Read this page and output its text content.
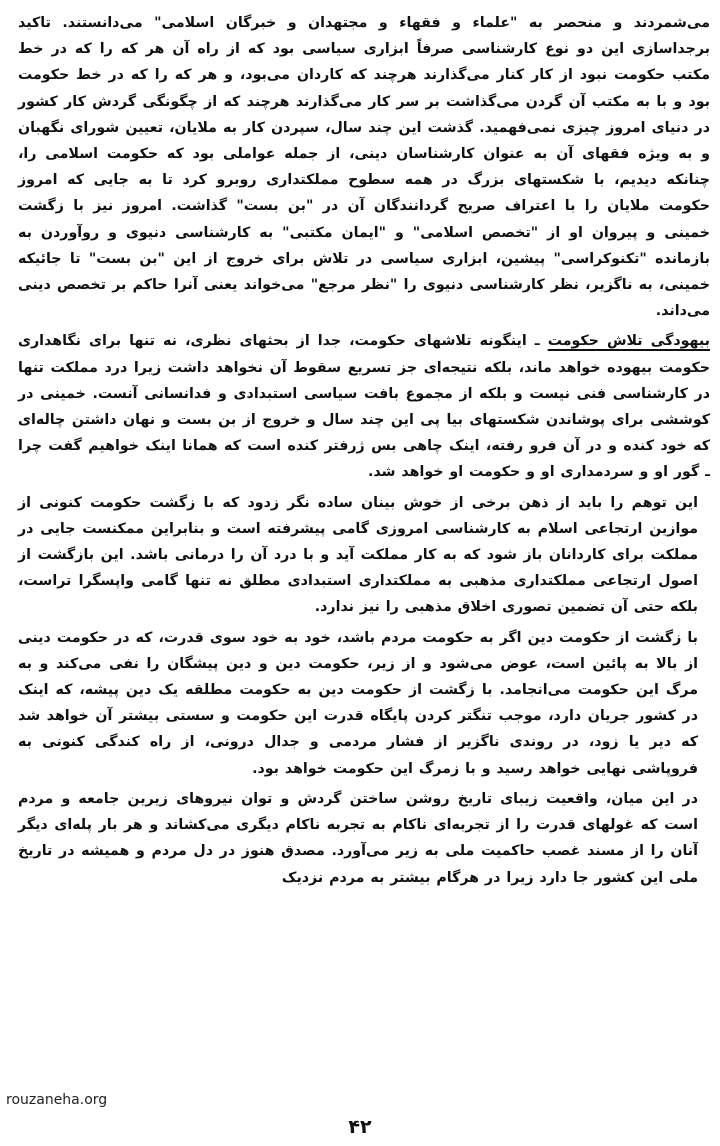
می‌شمردند و منحصر به "علماء و فقهاء و مجتهدان و خبرگان اسلامی" می‌دانستند. تاکید برجداسازی این دو نوع کارشناسی صرفاً ابزاری سیاسی بود که از راه آن هر که را که در خط مکتب حکومت نبود از کار کنار می‌گذارند هرچند که کاردان می‌بود، و هر که را که در خط حکومت بود و با به مکتب آن گردن می‌گذاشت بر سر کار می‌گذارند هرچند که از چگونگی گردش کار کشور در دنیای امروز چیزی نمی‌فهمید. گذشت این چند سال، سپردن کار به ملایان، تعیین شورای نگهبان و به ویژه فقهای آن به عنوان کارشناسان دینی، از جمله عواملی بود که حکومت اسلامی را، چنانکه دیدیم، با شکستهای بزرگ در همه سطوح مملکتداری روبرو کرد تا به جایی که امروز حکومت ملایان را با اعتراف صریح گردانندگان آن در "بن بست" گذاشت. امروز نیز با زگشت خمینی و پیروان او از "تخصص اسلامی" و "ایمان مکتبی" به کارشناسی دنیوی و روآوردن به بازمانده "تکنوکراسی" پیشین، ابزاری سیاسی در تلاش برای خروج از این "بن بست" تا جائیکه خمینی، به ناگزیر، نظر کارشناسی دنیوی را "نظر مرجع" می‌خواند یعنی آنرا حاکم بر تخصص دینی می‌داند.

بیهودگی تلاش حکومت ـ اینگونه تلاشهای حکومت، جدا از بحثهای نظری، نه تنها برای نگاهداری حکومت بیهوده خواهد ماند، بلکه نتیجه‌ای جز تسریع سقوط آن نخواهد داشت زیرا درد مملکت تنها در کارشناسی فنی نیست و بلکه از مجموع بافت سیاسی استبدادی و فدانسانی آنست. خمینی در کوششی برای پوشاندن شکستهای بیا پی این چند سال و خروج از بن بست و نهان داشتن چاله‌ای که خود کنده و در آن فرو رفته، اینک چاهی بس ژرفتر کنده است که همانا اینک خواهیم گفت چرا ـ گور او و سردمداری او و حکومت او خواهد شد.

این توهم را باید از ذهن برخی از خوش بینان ساده نگر زدود که با زگشت حکومت کنونی از موازین ارتجاعی اسلام به کارشناسی امروزی گامی پیشرفته است و بنابراین ممکنست جایی در مملکت برای کاردانان باز شود که به کار مملکت آید و با درد آن را درمانی باشد. این بازگشت از اصول ارتجاعی مملکتداری مذهبی به مملکتداری استبدادی مطلق نه تنها گامی واپسگرا تراست، بلکه حتی آن تضمین تصوری اخلاق مذهبی را نیز ندارد.

با زگشت از حکومت دین اگر به حکومت مردم باشد، خود به خود سوی قدرت، که در حکومت دینی از بالا به پائین است، عوض می‌شود و از زیر، حکومت دین و دین پیشگان را نفی می‌کند و به مرگ این حکومت می‌انجامد. با زگشت از حکومت دین به حکومت مطلقه یک دین پیشه، که اینک در کشور جریان دارد، موجب تنگتر کردن پایگاه قدرت این حکومت و سستی بیشتر آن خواهد شد که دیر یا زود، در روندی ناگزیر از فشار مردمی و جدال درونی، از راه کندگی کنونی به فروپاشی نهایی خواهد رسید و با زمرگ این حکومت خواهد بود.

در این میان، واقعیت زیبای تاریخ روشن ساختن گردش و توان نیروهای زیرین جامعه و مردم است که غولهای قدرت را از تجربه‌ای ناکام به تجربه ناکام دیگری می‌کشاند و هر بار پله‌ای دیگر آنان را از مسند غصب حاکمیت ملی به زیر می‌آورد. مصدق هنوز در دل مردم و همیشه در تاریخ ملی این کشور جا دارد زیرا در هرگام بیشتر به مردم نزدیک

rouzaneha.org
۴۲
